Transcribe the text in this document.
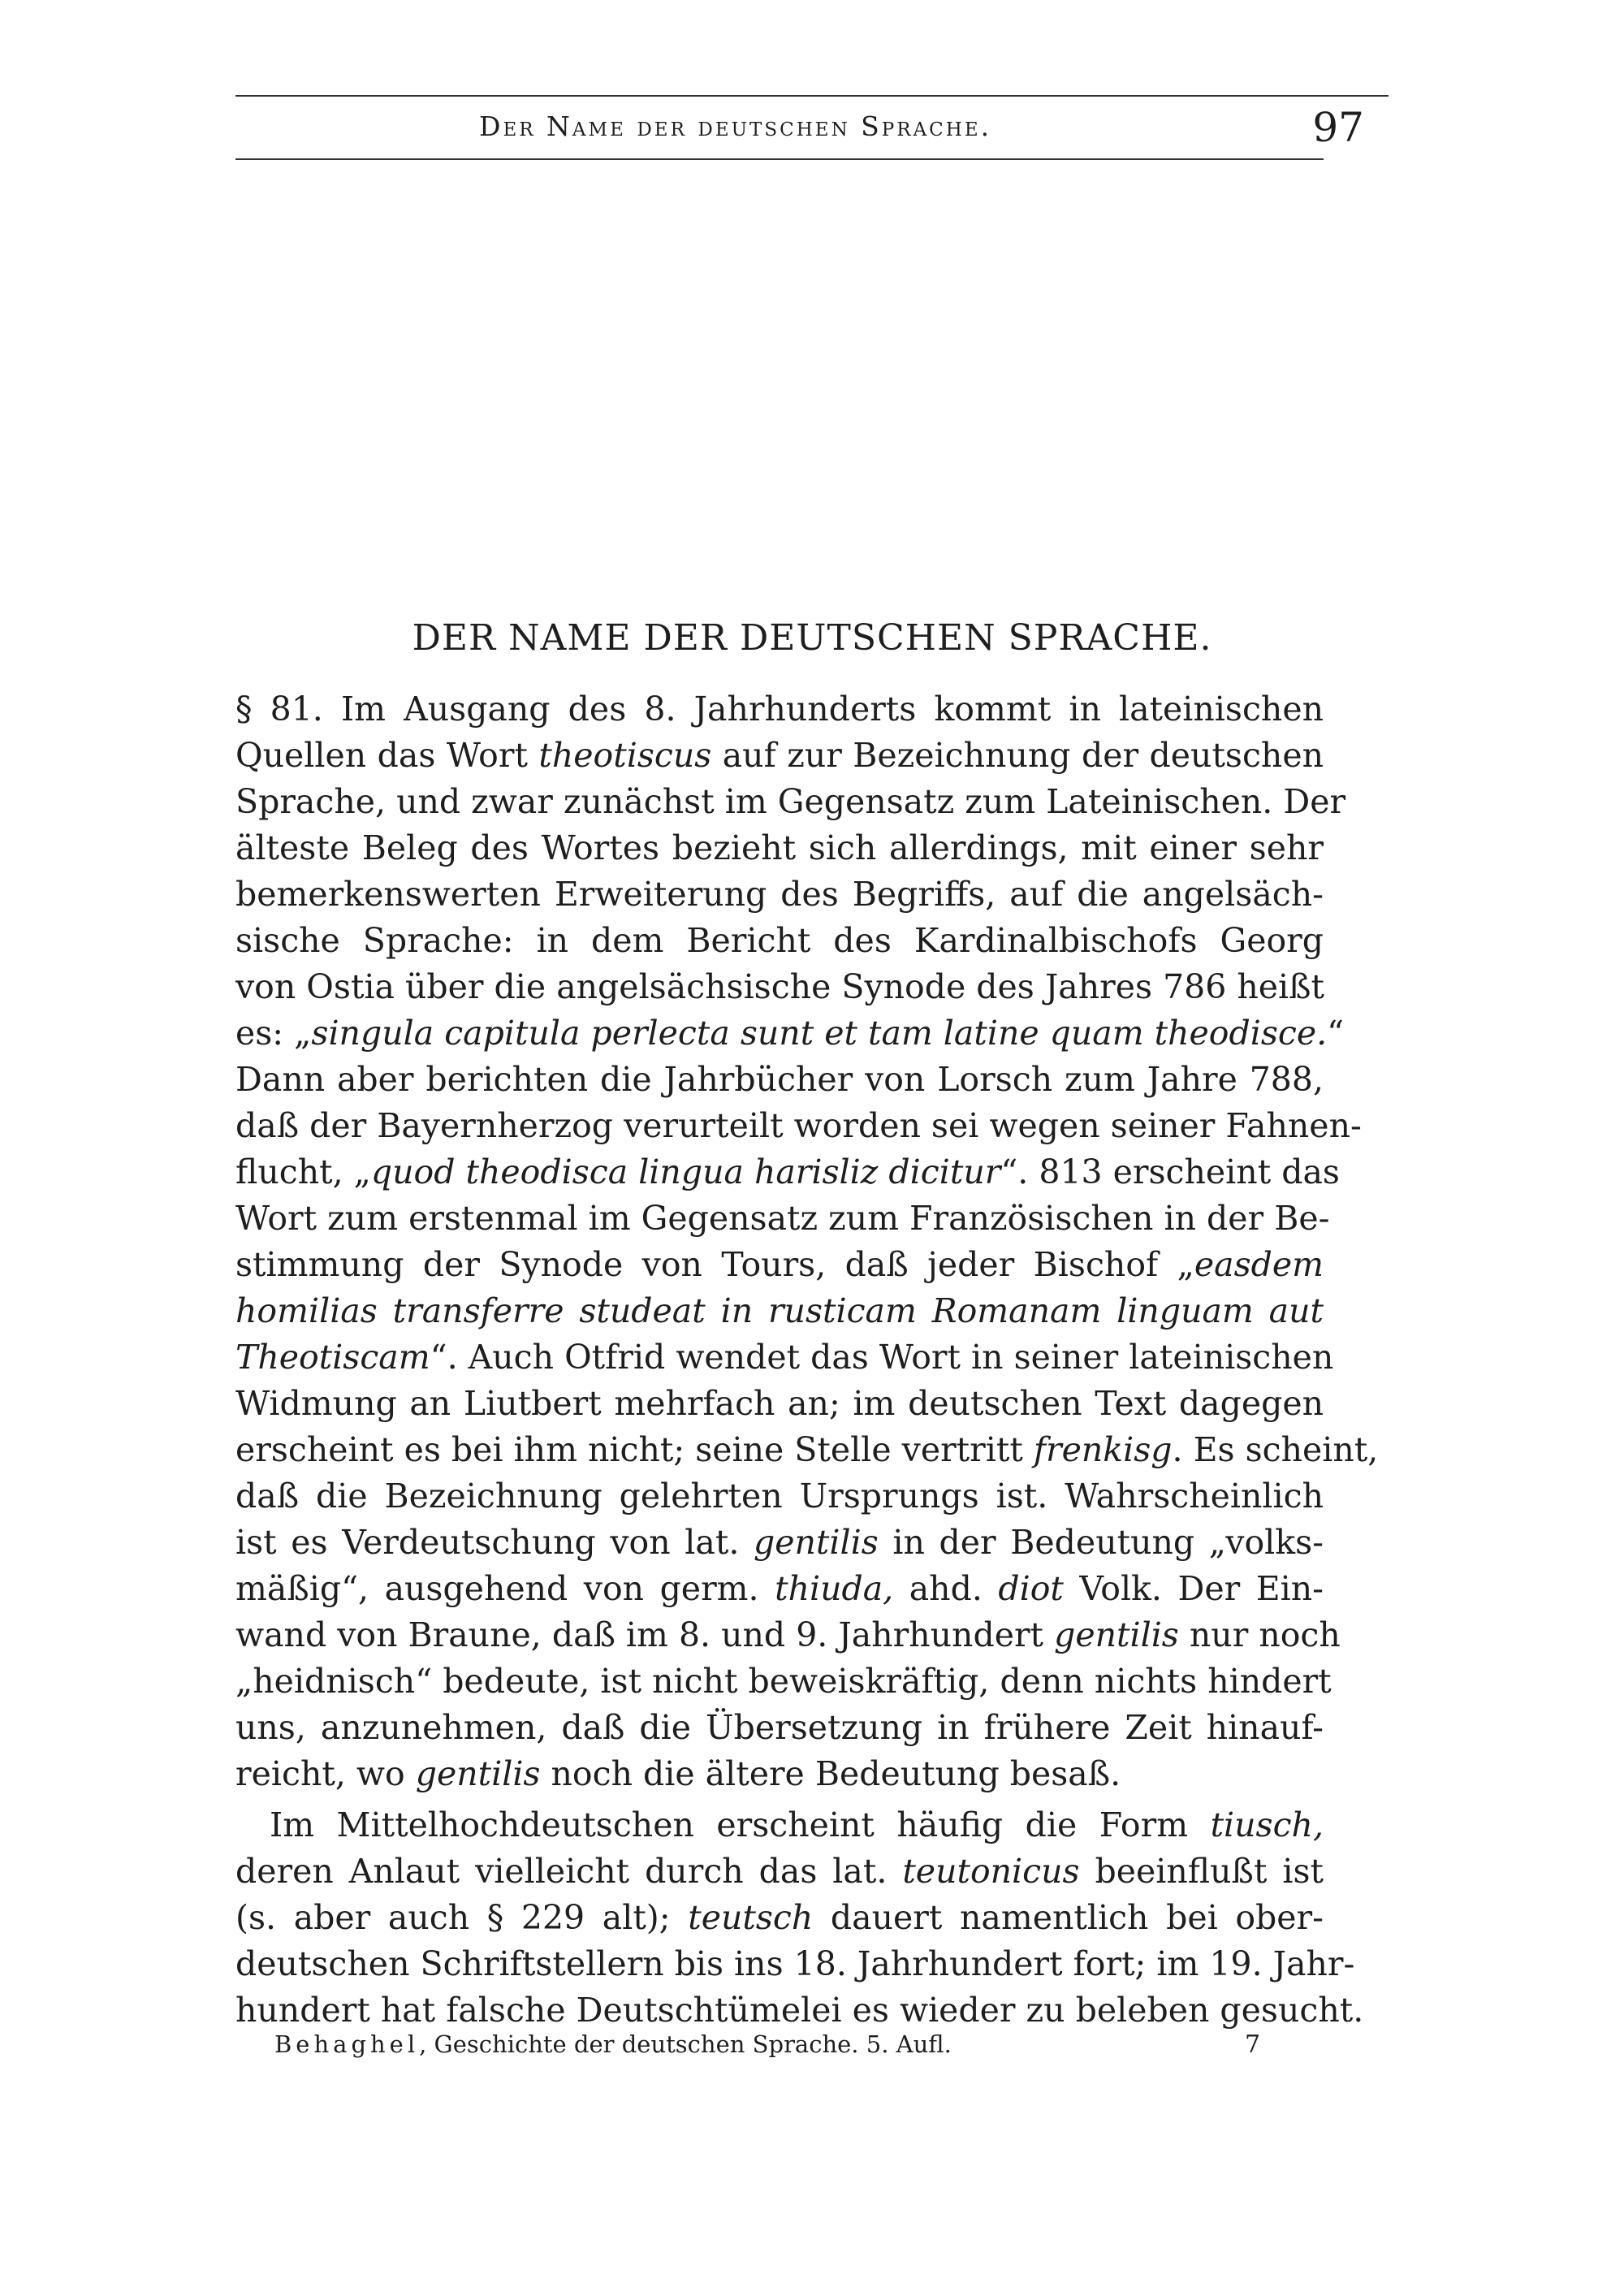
Der Name der deutschen Sprache.	97
DER NAME DER DEUTSCHEN SPRACHE.
§ 81. Im Ausgang des 8. Jahrhunderts kommt in lateinischen
Quellen das Wort theotiscus auf zur Bezeichnung der deutschen
Sprache, und zwar zunächst im Gegensatz zum Lateinischen. Der
älteste Beleg des Wortes bezieht sich allerdings, mit einer sehr
bemerkenswerten Erweiterung des Begriffs, auf die angelsäch-
sische Sprache: in dem Bericht des Kardinalbischofs Georg
von Ostia über die angelsächsische Synode des Jahres 786 heißt
es: „singula capitula perlecta sunt et tam latine quam theodisce.“
Dann aber berichten die Jahrbücher von Lorsch zum Jahre 788,
daß der Bayernherzog verurteilt worden sei wegen seiner Fahnen-
flucht, „quod theodisca lingua harisliz dicitur“. 813 erscheint das
Wort zum erstenmal im Gegensatz zum Französischen in der Be-
stimmung der Synode von Tours, daß jeder Bischof „easdem
homilias transferre studeat in rusticam Romanam linguam aut
Theotiscam“. Auch Otfrid wendet das Wort in seiner lateinischen
Widmung an Liutbert mehrfach an; im deutschen Text dagegen
erscheint es bei ihm nicht; seine Stelle vertritt frenkisg. Es scheint,
daß die Bezeichnung gelehrten Ursprungs ist. Wahrscheinlich
ist es Verdeutschung von lat. gentilis in der Bedeutung „volks-
mäßig“, ausgehend von germ. thiuda, ahd. diot Volk. Der Ein-
wand von Braune, daß im 8. und 9. Jahrhundert gentilis nur noch
„heidnisch“ bedeute, ist nicht beweiskräftig, denn nichts hindert
uns, anzunehmen, daß die Übersetzung in frühere Zeit hinauf-
reicht, wo gentilis noch die ältere Bedeutung besaß.
Im Mittelhochdeutschen erscheint häufig die Form tiusch,
deren Anlaut vielleicht durch das lat. teutonicus beeinflußt ist
(s. aber auch § 229 alt); teutsch dauert namentlich bei ober-
deutschen Schriftstellern bis ins 18. Jahrhundert fort; im 19. Jahr-
hundert hat falsche Deutschtümelei es wieder zu beleben gesucht.
Behaghel, Geschichte der deutschen Sprache. 5. Aufl.	7
